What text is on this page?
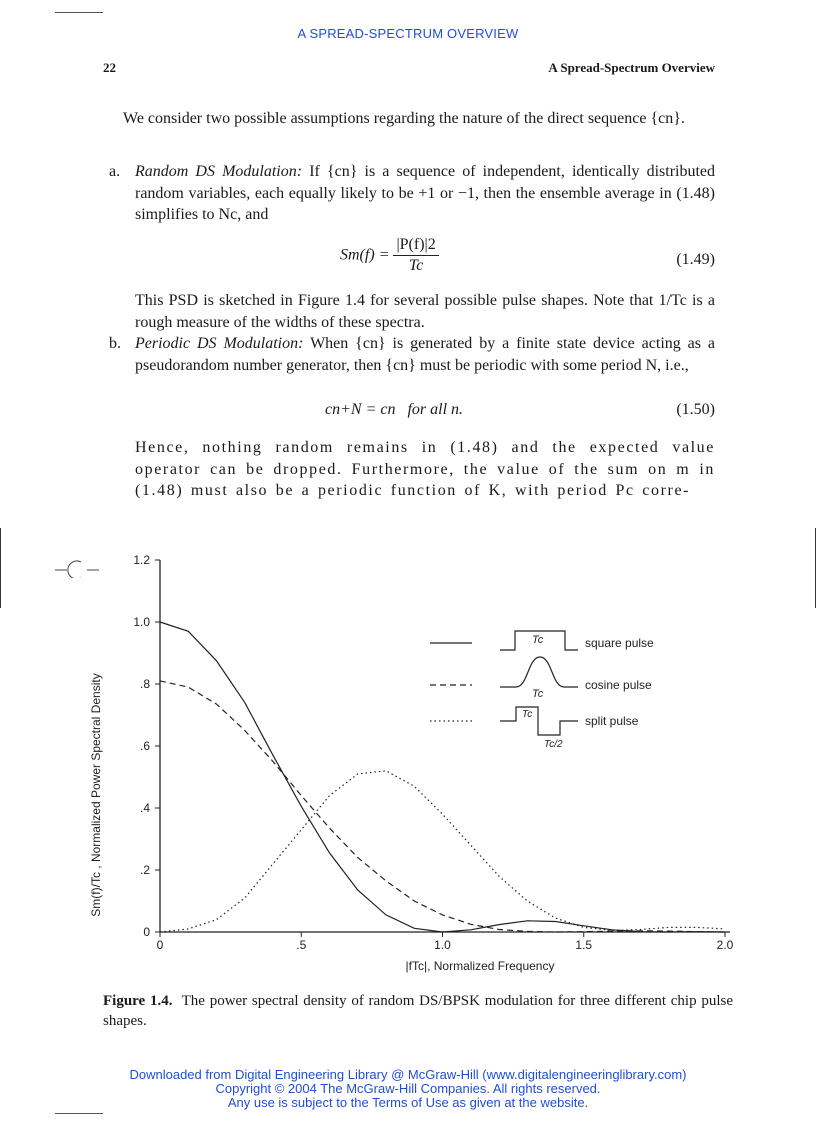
A SPREAD-SPECTRUM OVERVIEW
22	A Spread-Spectrum Overview

We consider two possible assumptions regarding the nature of the direct sequence {cn}.

a. Random DS Modulation: If {cn} is a sequence of independent, identically distributed random variables, each equally likely to be +1 or −1, then the ensemble average in (1.48) simplifies to Nc, and
$Sm(f) = \frac{|P(f)|2}{Tc}$	(1.49)
This PSD is sketched in Figure 1.4 for several possible pulse shapes. Note that 1/Tc is a rough measure of the widths of these spectra.
b. Periodic DS Modulation: When {cn} is generated by a finite state device acting as a pseudorandom number generator, then {cn} must be periodic with some period N, i.e.,
cn+N = cn   for all n.	(1.50)
Hence, nothing random remains in (1.48) and the expected value operator can be dropped. Furthermore, the value of the sum on m in (1.48) must also be a periodic function of K, with period Pc corre-
0
.2
.4
.6
.8
1.0
1.2
0	.5	1.0	1.5	2.0
square pulse
cosine pulse
split pulse
Tc
Tc
Tc
Tc/2
Sm(f)/Tc , Normalized Power Spectral Density
|fTc|, Normalized Frequency
Figure 1.4. The power spectral density of random DS/BPSK modulation for three different chip pulse shapes.
Downloaded from Digital Engineering Library @ McGraw-Hill (www.digitalengineeringlibrary.com)
Copyright © 2004 The McGraw-Hill Companies. All rights reserved.
Any use is subject to the Terms of Use as given at the website.
